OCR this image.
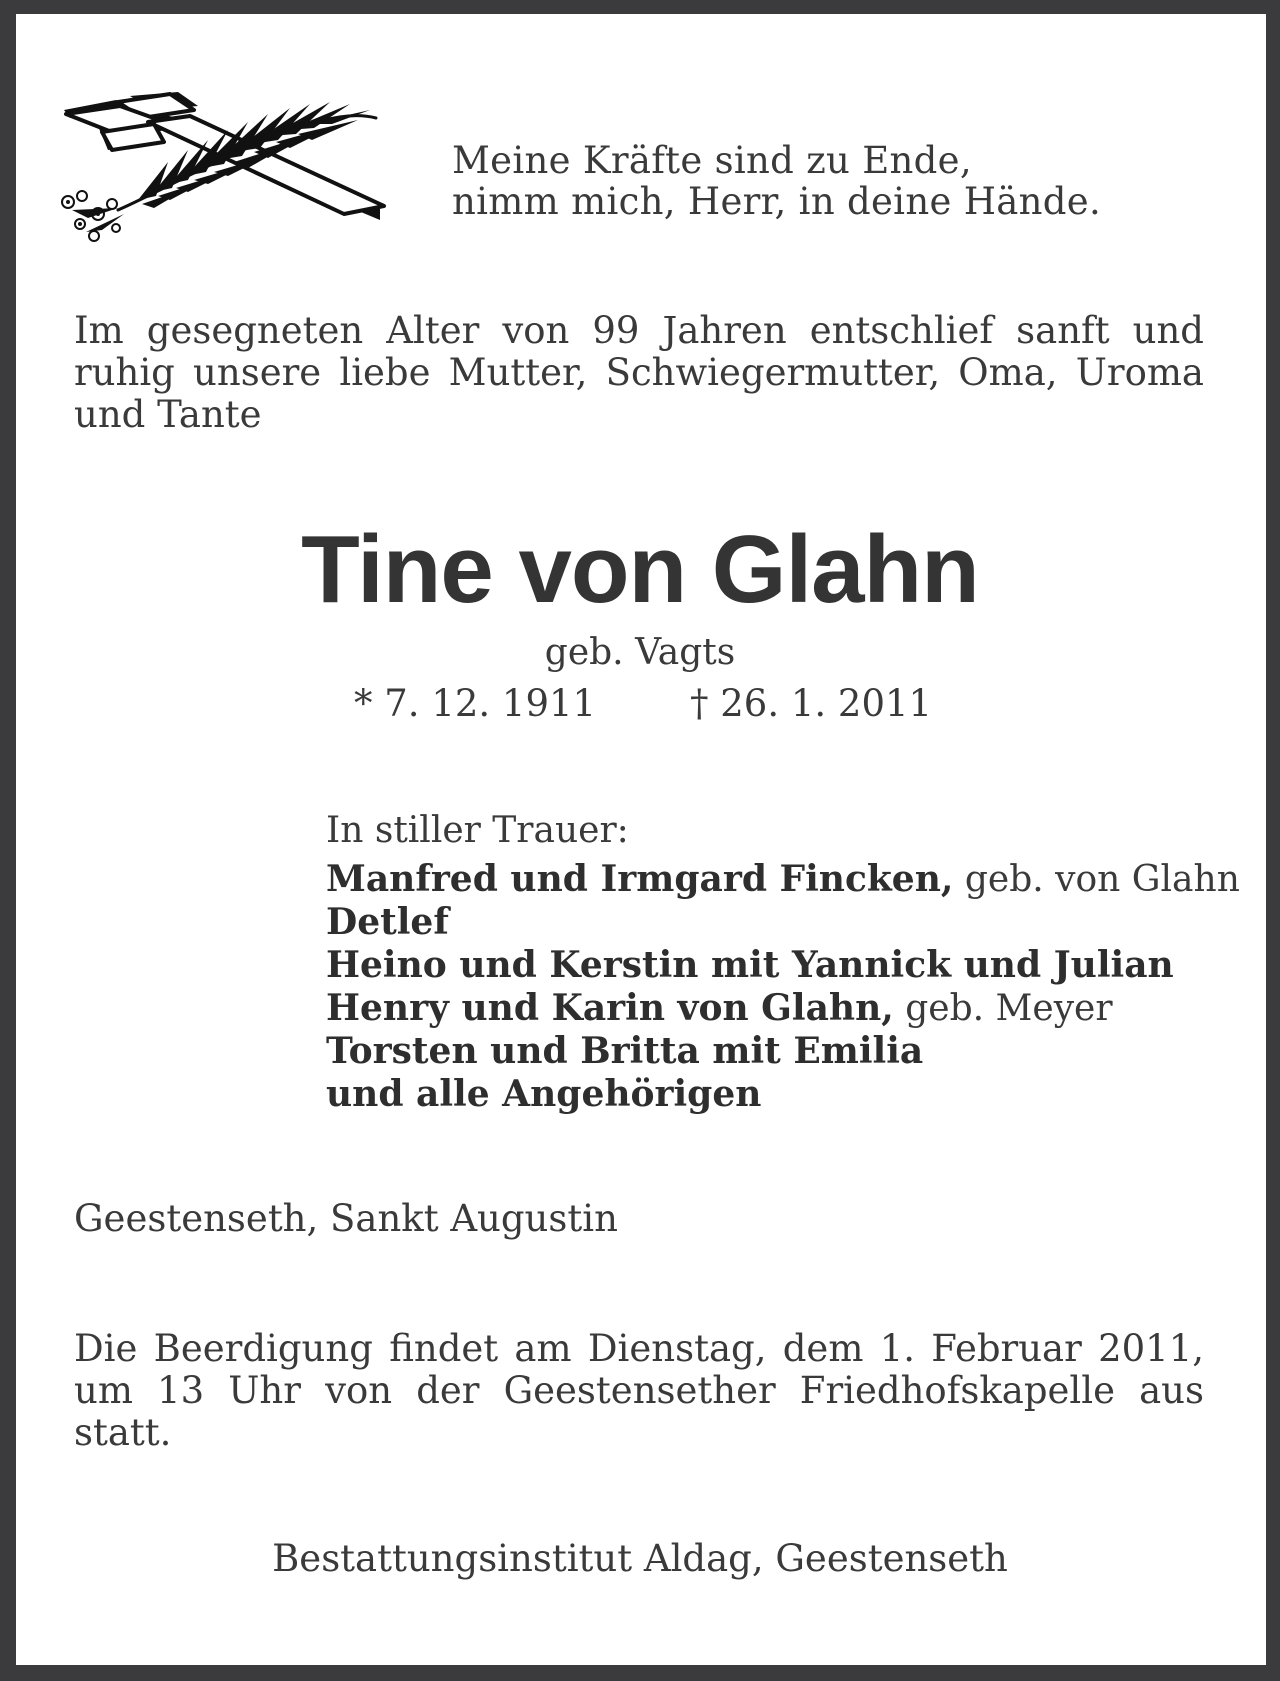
Meine Kräfte sind zu Ende,
nimm mich, Herr, in deine Hände.

Im gesegneten Alter von 99 Jahren entschlief sanft und ruhig unsere liebe Mutter, Schwiegermutter, Oma, Uroma und Tante

Tine von Glahn

geb. Vagts

* 7. 12. 1911	† 26. 1. 2011
In stiller Trauer:
Manfred und Irmgard Fincken, geb. von Glahn
Detlef
Heino und Kerstin mit Yannick und Julian
Henry und Karin von Glahn, geb. Meyer
Torsten und Britta mit Emilia
und alle Angehörigen

Geestenseth, Sankt Augustin

Die Beerdigung findet am Dienstag, dem 1. Februar 2011, um 13 Uhr von der Geestensether Friedhofskapelle aus statt.

Bestattungsinstitut Aldag, Geestenseth
